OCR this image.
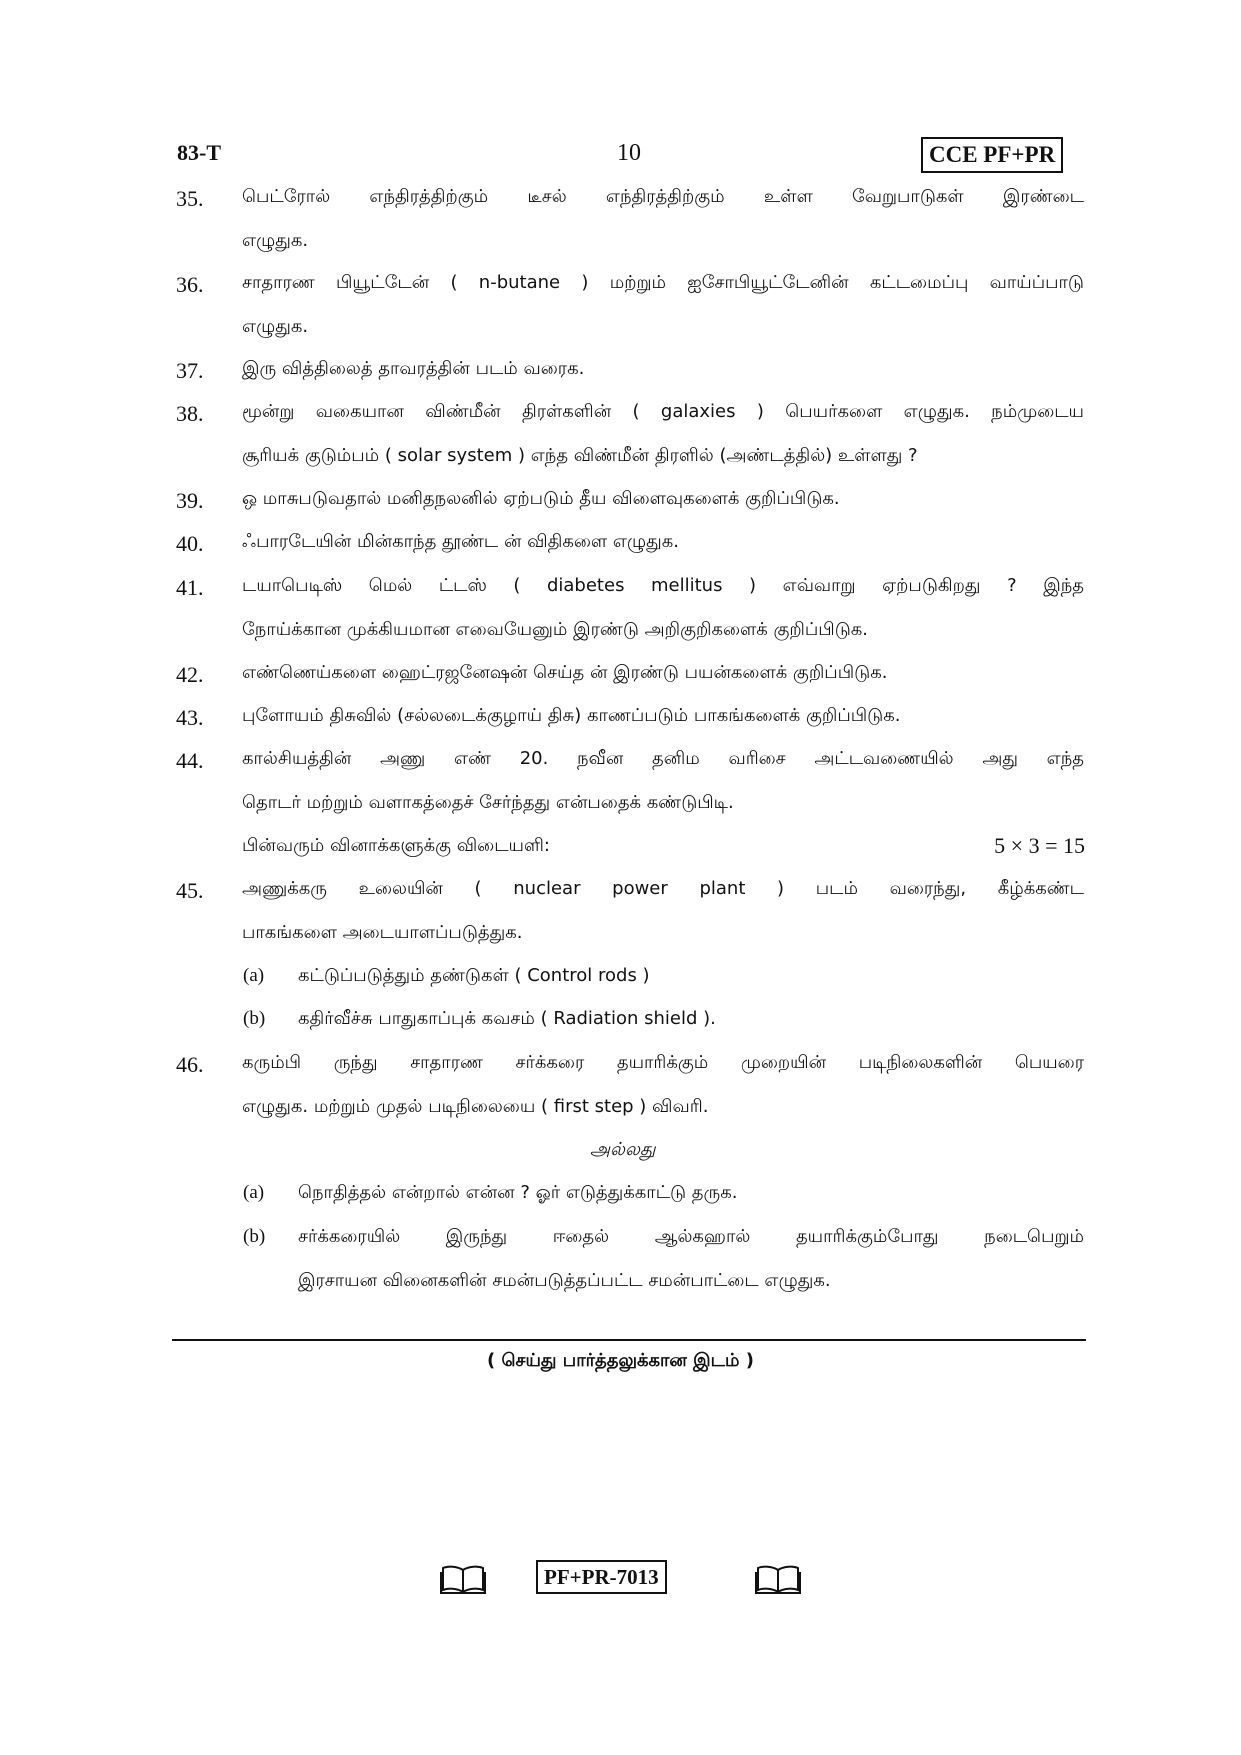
83-T	10	CCE PF+PR
35. பெட்ரோல் எந்திரத்திற்கும் டீசல் எந்திரத்திற்கும் உள்ள வேறுபாடுகள் இரண்டை
எழுதுக.
36. சாதாரண பியூட்டேன் ( n-butane ) மற்றும் ஐசோபியூட்டேனின் கட்டமைப்பு வாய்ப்பாடு
எழுதுக.
37. இரு வித்திலைத் தாவரத்தின் படம் வரைக.
38. மூன்று வகையான விண்மீன் திரள்களின் ( galaxies ) பெயர்களை எழுதுக. நம்முடைய
சூரியக் குடும்பம் ( solar system ) எந்த விண்மீன் திரளில் (அண்டத்தில்) உள்ளது ?
39. ஒ மாசுபடுவதால் மனிதநலனில் ஏற்படும் தீய விளைவுகளைக் குறிப்பிடுக.
40. ஃபாரடேயின் மின்காந்த தூண்ட ன் விதிகளை எழுதுக.
41. டயாபெடிஸ் மெல் ட்டஸ் ( diabetes mellitus ) எவ்வாறு ஏற்படுகிறது ? இந்த
நோய்க்கான முக்கியமான எவையேனும் இரண்டு அறிகுறிகளைக் குறிப்பிடுக.
42. எண்ணெய்களை ஹைட்ரஜனேஷன் செய்த ன் இரண்டு பயன்களைக் குறிப்பிடுக.
43. புளோயம் திசுவில் (சல்லடைக்குழாய் திசு) காணப்படும் பாகங்களைக் குறிப்பிடுக.
44. கால்சியத்தின் அணு எண் 20. நவீன தனிம வரிசை அட்டவணையில் அது எந்த
தொடர் மற்றும் வளாகத்தைச் சேர்ந்தது என்பதைக் கண்டுபிடி.
பின்வரும் வினாக்களுக்கு விடையளி:	5 × 3 = 15
45. அணுக்கரு உலையின் ( nuclear power plant ) படம் வரைந்து, கீழ்க்கண்ட
பாகங்களை அடையாளப்படுத்துக.
(a) கட்டுப்படுத்தும் தண்டுகள் ( Control rods )
(b) கதிர்வீச்சு பாதுகாப்புக் கவசம் ( Radiation shield ).
46. கரும்பி ருந்து சாதாரண சர்க்கரை தயாரிக்கும் முறையின் படிநிலைகளின் பெயரை
எழுதுக. மற்றும் முதல் படிநிலையை ( first step ) விவரி.
அல்லது
(a) நொதித்தல் என்றால் என்ன ? ஓர் எடுத்துக்காட்டு தருக.
(b) சர்க்கரையில் இருந்து ஈதைல் ஆல்கஹால் தயாரிக்கும்போது நடைபெறும்
இரசாயன வினைகளின் சமன்படுத்தப்பட்ட சமன்பாட்டை எழுதுக.
( செய்து பார்த்தலுக்கான இடம் )
PF+PR-7013
